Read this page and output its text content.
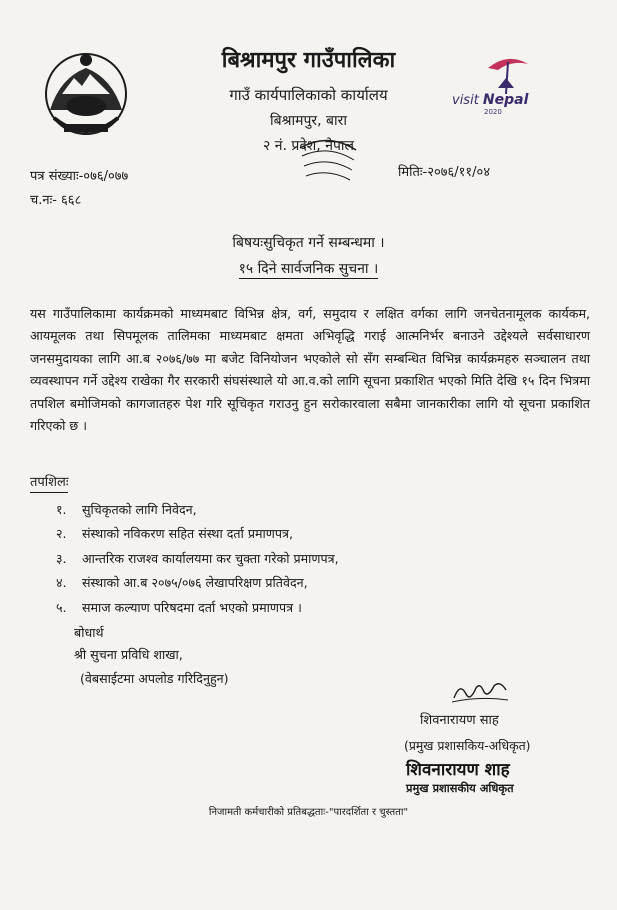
visit Nepal
2020
बिश्रामपुर गाउँपालिका
गाउँ कार्यपालिकाको कार्यालय
बिश्रामपुर, बारा
२ नं. प्रदेश, नेपाल
पत्र संख्याः-०७६/०७७
च.नः- ६६८
मितिः-२०७६/११/०४
बिषयःसुचिकृत गर्ने सम्बन्धमा ।
१५ दिने सार्वजनिक सुचना ।
यस गाउँपालिकामा कार्यक्रमको माध्यमबाट विभिन्न क्षेत्र, वर्ग, समुदाय र लक्षित वर्गका लागि जनचेतनामूलक कार्यकम, आयमूलक तथा सिपमूलक तालिमका माध्यमबाट क्षमता अभिवृद्धि गराई आत्मनिर्भर बनाउने उद्देश्यले सर्वसाधारण जनसमुदायका लागि आ.ब २०७६/७७ मा बजेट विनियोजन भएकोले सो सँग सम्बन्धित विभिन्न कार्यक्रमहरु सञ्चालन तथा व्यवस्थापन गर्ने उद्देश्य राखेका गैर सरकारी संघसंस्थाले यो आ.व.को लागि सूचना प्रकाशित भएको मिति देखि १५ दिन भित्रमा तपशिल बमोजिमको कागजातहरु पेश गरि सूचिकृत गराउनु हुन सरोकारवाला सबैमा जानकारीका लागि यो सूचना प्रकाशित गरिएको छ ।
तपशिलः
१. सुचिकृतको लागि निवेदन,
२. संस्थाको नविकरण सहित संस्था दर्ता प्रमाणपत्र,
३. आन्तरिक राजश्व कार्यालयमा कर चुक्ता गरेको प्रमाणपत्र,
४. संस्थाको आ.ब २०७५/०७६ लेखापरिक्षण प्रतिवेदन,
५. समाज कल्याण परिषदमा दर्ता भएको प्रमाणपत्र ।
बोधार्थ
श्री सुचना प्रविधि शाखा,
(वेबसाईटमा अपलोड गरिदिनुहुन)
शिवनारायण साह
(प्रमुख प्रशासकिय-अधिकृत)
शिवनारायण शाह
प्रमुख प्रशासकीय अधिकृत
निजामती कर्मचारीको प्रतिबद्धताः-"पारदर्शिता र चुस्तता"
